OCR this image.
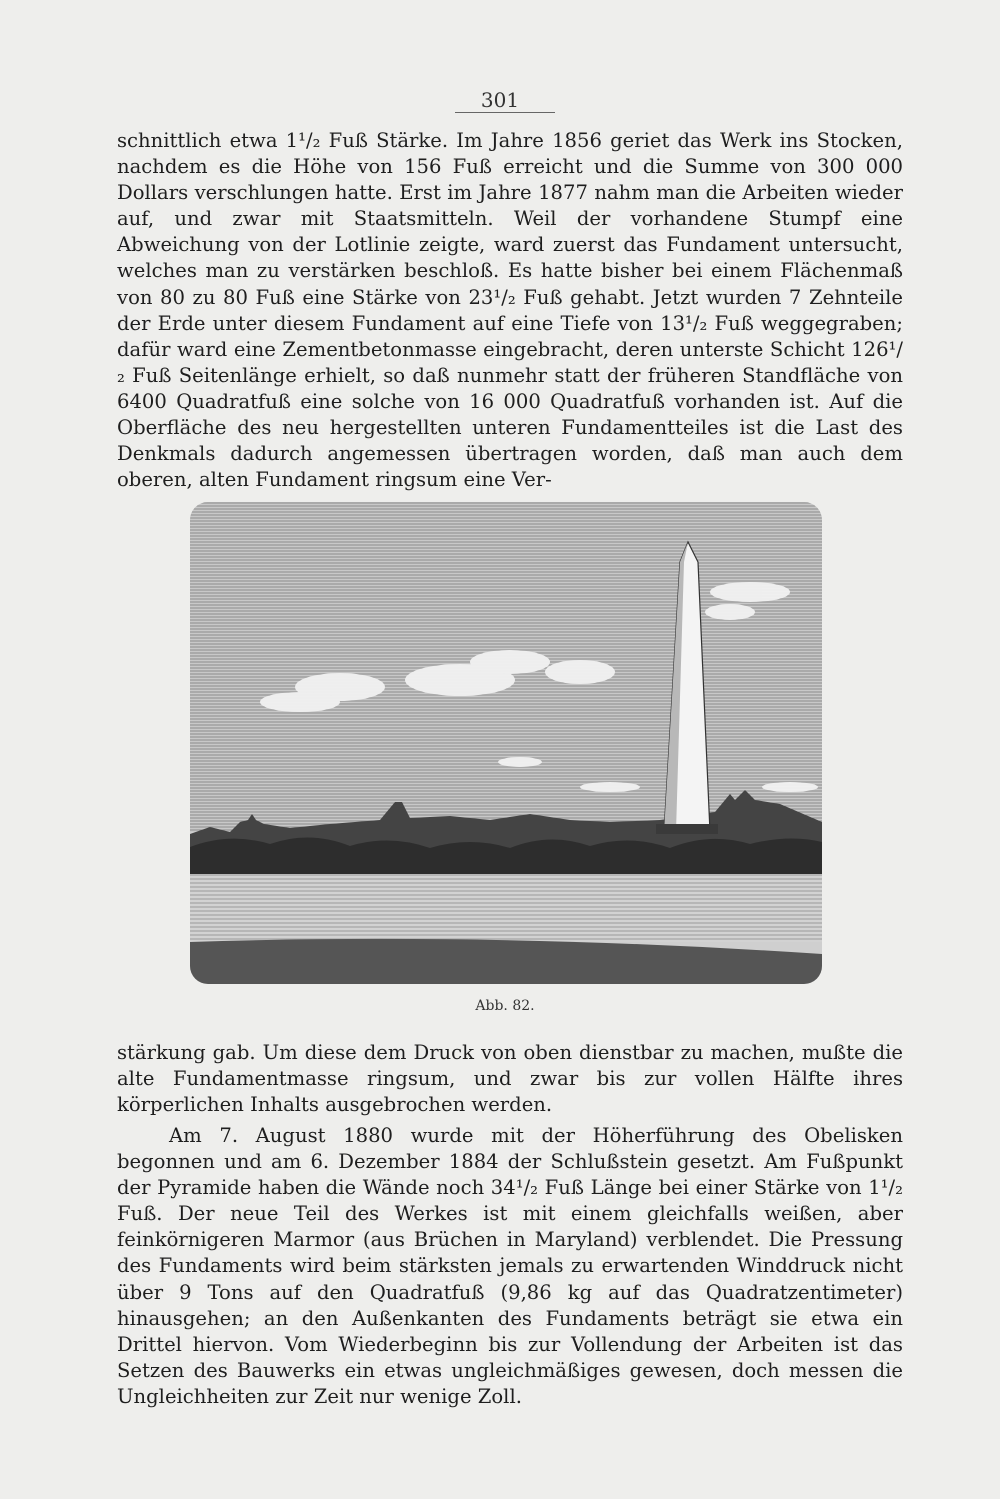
301

schnittlich etwa 1¹/₂ Fuß Stärke. Im Jahre 1856 geriet das Werk ins Stocken, nachdem es die Höhe von 156 Fuß erreicht und die Summe von 300 000 Dollars verschlungen hatte. Erst im Jahre 1877 nahm man die Arbeiten wieder auf, und zwar mit Staatsmitteln. Weil der vorhandene Stumpf eine Abweichung von der Lotlinie zeigte, ward zuerst das Fundament untersucht, welches man zu verstärken beschloß. Es hatte bisher bei einem Flächenmaß von 80 zu 80 Fuß eine Stärke von 23¹/₂ Fuß gehabt. Jetzt wurden 7 Zehnteile der Erde unter diesem Fundament auf eine Tiefe von 13¹/₂ Fuß weggegraben; dafür ward eine Zementbetonmasse eingebracht, deren unterste Schicht 126¹/₂ Fuß Seitenlänge erhielt, so daß nunmehr statt der früheren Standfläche von 6400 Quadratfuß eine solche von 16 000 Quadratfuß vorhanden ist. Auf die Oberfläche des neu hergestellten unteren Fundamentteiles ist die Last des Denkmals dadurch angemessen übertragen worden, daß man auch dem oberen, alten Fundament ringsum eine Ver-

Abb. 82.

stärkung gab. Um diese dem Druck von oben dienstbar zu machen, mußte die alte Fundamentmasse ringsum, und zwar bis zur vollen Hälfte ihres körperlichen Inhalts ausgebrochen werden.

Am 7. August 1880 wurde mit der Höherführung des Obelisken begonnen und am 6. Dezember 1884 der Schlußstein gesetzt. Am Fußpunkt der Pyramide haben die Wände noch 34¹/₂ Fuß Länge bei einer Stärke von 1¹/₂ Fuß. Der neue Teil des Werkes ist mit einem gleichfalls weißen, aber feinkörnigeren Marmor (aus Brüchen in Maryland) verblendet. Die Pressung des Fundaments wird beim stärksten jemals zu erwartenden Winddruck nicht über 9 Tons auf den Quadratfuß (9,86 kg auf das Quadratzentimeter) hinausgehen; an den Außenkanten des Fundaments beträgt sie etwa ein Drittel hiervon. Vom Wiederbeginn bis zur Vollendung der Arbeiten ist das Setzen des Bauwerks ein etwas ungleichmäßiges gewesen, doch messen die Ungleichheiten zur Zeit nur wenige Zoll.
